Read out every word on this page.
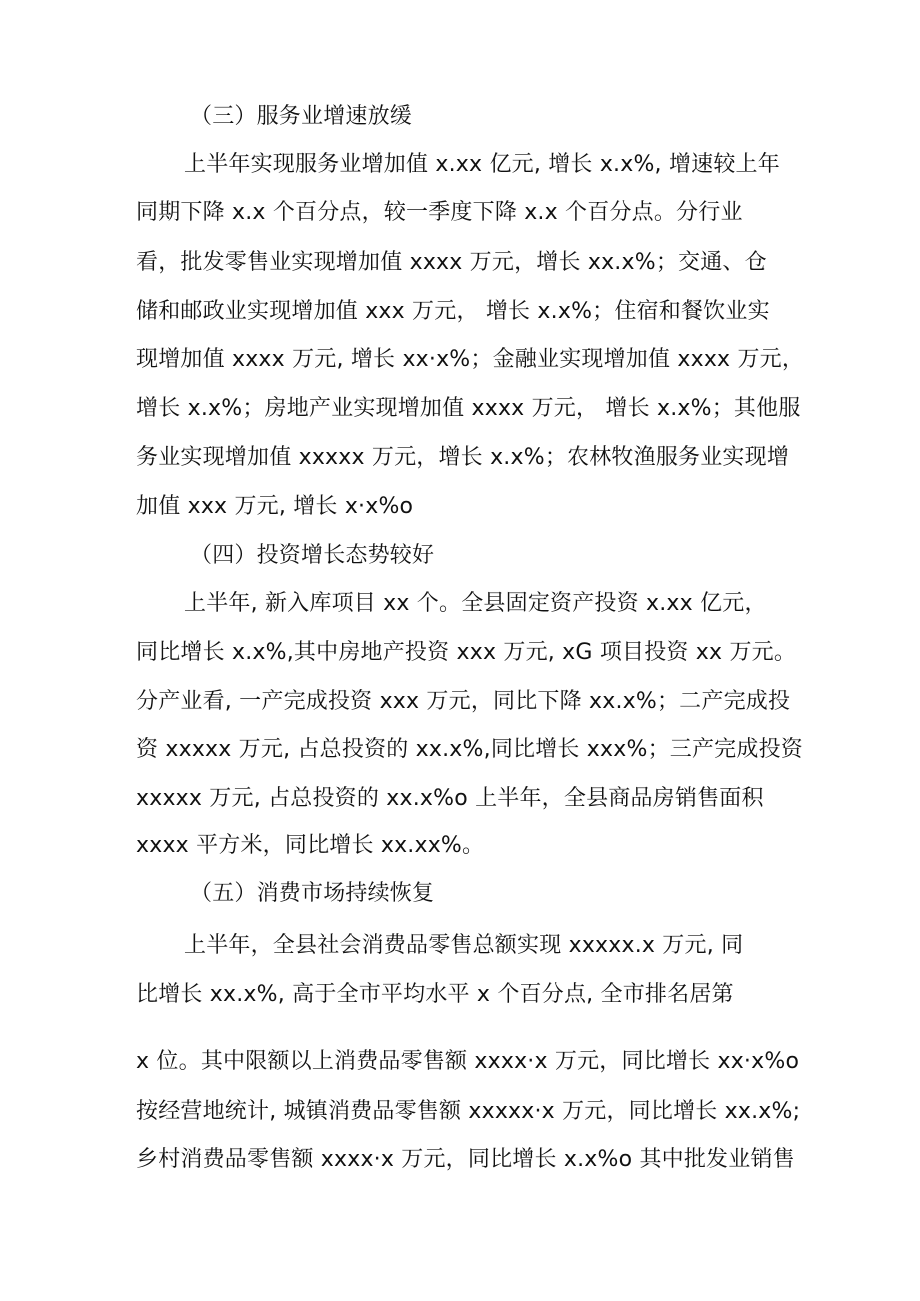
（三）服务业增速放缓
上半年实现服务业增加值 x.xx 亿元, 增长 x.x%, 增速较上年
同期下降 x.x 个百分点，较一季度下降 x.x 个百分点。分行业
看，批发零售业实现增加值 xxxx 万元，增长 xx.x%；交通、仓
储和邮政业实现增加值 xxx 万元， 增长 x.x%；住宿和餐饮业实
现增加值 xxxx 万元, 增长 xx·x%；金融业实现增加值 xxxx 万元，
增长 x.x%；房地产业实现增加值 xxxx 万元， 增长 x.x%；其他服
务业实现增加值 xxxxx 万元，增长 x.x%；农林牧渔服务业实现增
加值 xxx 万元, 增长 x·x%o
（四）投资增长态势较好
上半年, 新入库项目 xx 个。全县固定资产投资 x.xx 亿元，
同比增长 x.x%,其中房地产投资 xxx 万元, xG 项目投资 xx 万元。
分产业看, 一产完成投资 xxx 万元，同比下降 xx.x%；二产完成投
资 xxxxx 万元, 占总投资的 xx.x%,同比增长 xxx%；三产完成投资
xxxxx 万元, 占总投资的 xx.x%o 上半年，全县商品房销售面积
xxxx 平方米，同比增长 xx.xx%。
（五）消费市场持续恢复
上半年，全县社会消费品零售总额实现 xxxxx.x 万元, 同
比增长 xx.x%, 高于全市平均水平 x 个百分点, 全市排名居第
x 位。其中限额以上消费品零售额 xxxx·x 万元，同比增长 xx·x%o
按经营地统计, 城镇消费品零售额 xxxxx·x 万元，同比增长 xx.x%;
乡村消费品零售额 xxxx·x 万元，同比增长 x.x%o 其中批发业销售
